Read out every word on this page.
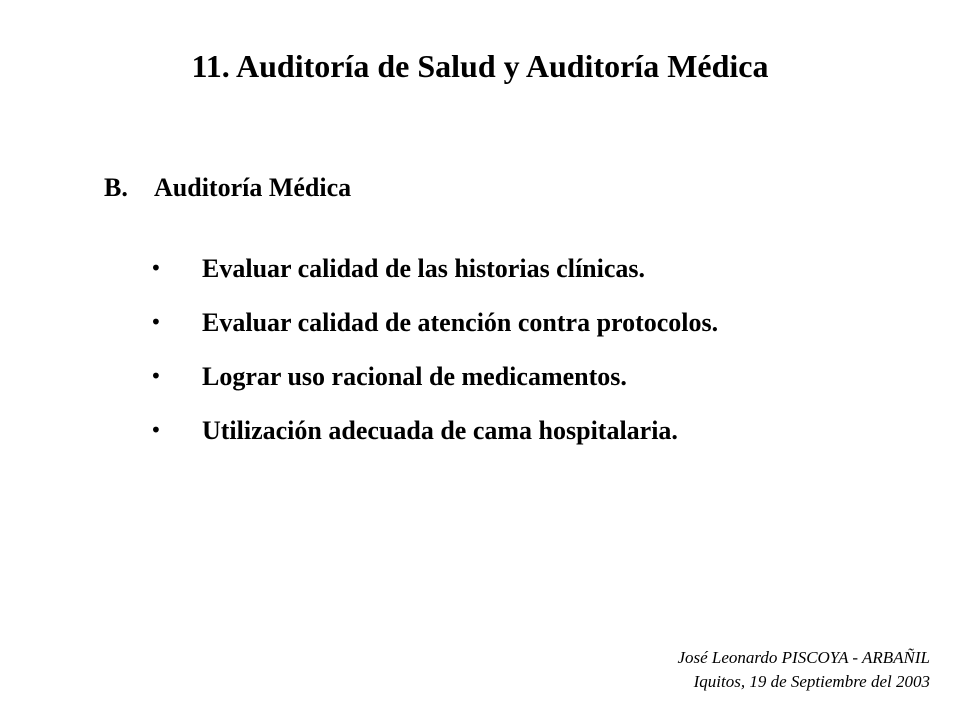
11. Auditoría de Salud y Auditoría Médica
B. Auditoría Médica
• Evaluar calidad de las historias clínicas.
• Evaluar calidad de atención contra protocolos.
• Lograr uso racional de medicamentos.
• Utilización adecuada de cama hospitalaria.
José Leonardo PISCOYA - ARBAÑIL
Iquitos, 19 de Septiembre del 2003
